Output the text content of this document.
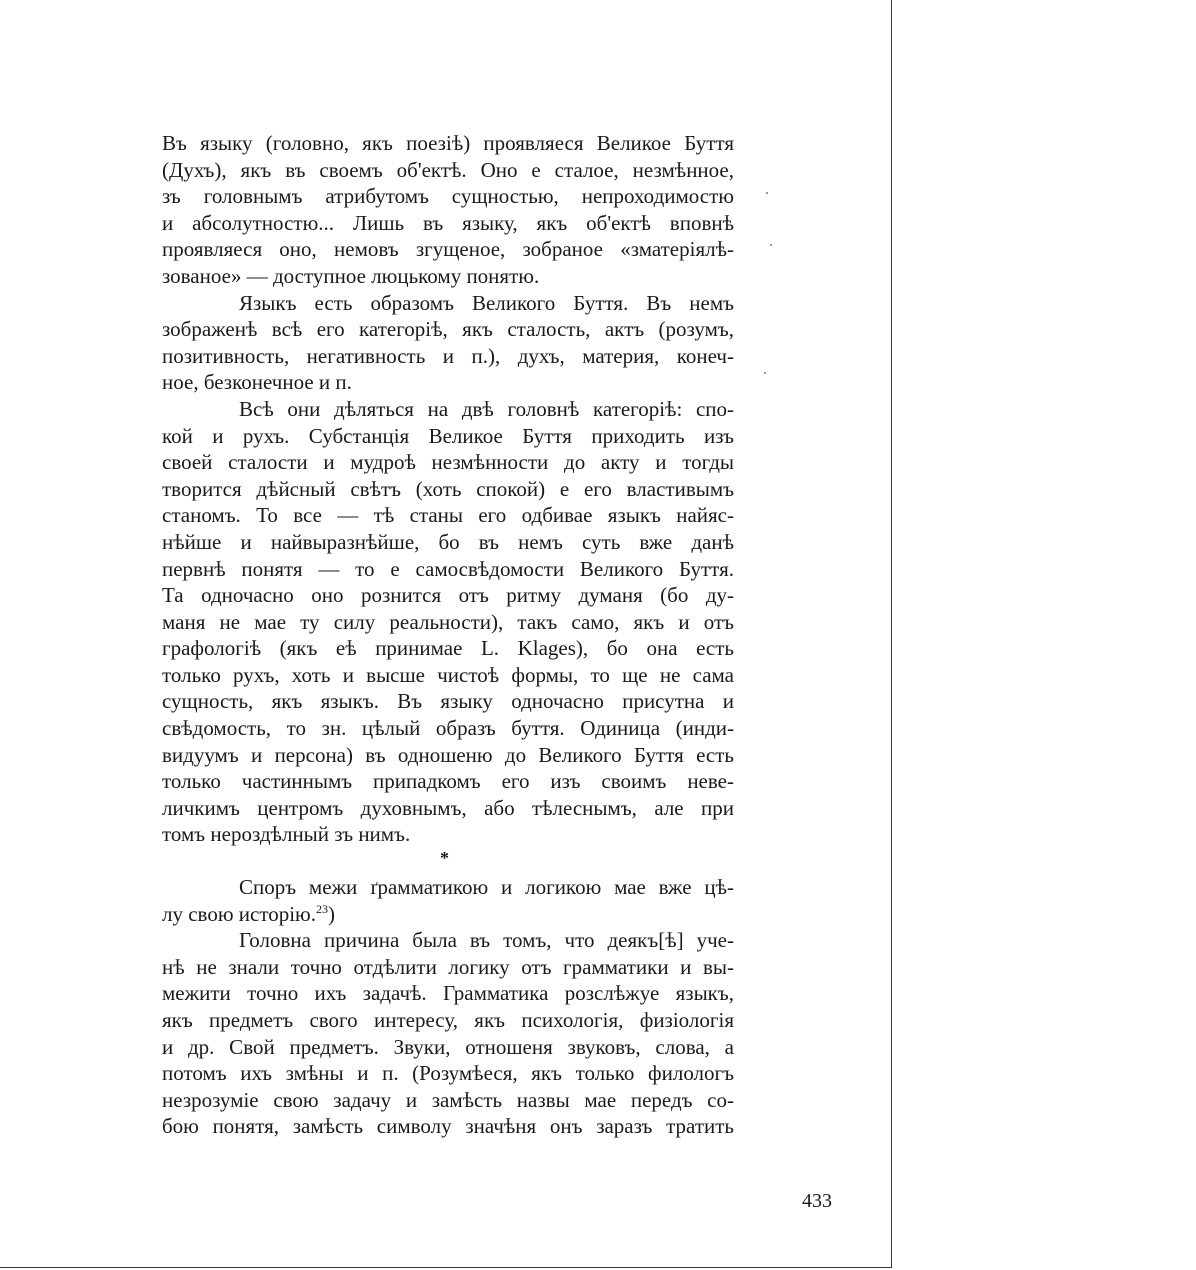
Въ языку (головно, якъ поезiѣ) проявляеся Великое Буття
(Духъ), якъ въ своемъ об'ектѣ. Оно е сталое, незмѣнное,
зъ головнымъ атрибутомъ сущностью, непроходимостю
и абсолутностю... Лишь въ языку, якъ об'ектѣ вповнѣ
проявляеся оно, немовъ згущеное, зобраное «зматерiялѣ-
зованое» — доступное люцькому понятю.
Языкъ есть образомъ Великого Буття. Въ немъ
зображенѣ всѣ его категорiѣ, якъ сталость, актъ (розумъ,
позитивность, негативность и п.), духъ, материя, конеч-
ное, безконечное и п.
Всѣ они дѣляться на двѣ головнѣ категорiѣ: спо-
кой и рухъ. Субстанцiя Великое Буття приходить изъ
своей сталости и мудроѣ незмѣнности до акту и тогды
творится дѣйсный свѣтъ (хоть спокой) е его властивымъ
станомъ. То все — тѣ станы его одбивае языкъ найяс-
нѣйше и найвыразнѣйше, бо въ немъ суть вже данѣ
первнѣ понятя — то е самосвѣдомости Великого Буття.
Та одночасно оно рознится отъ ритму думаня (бо ду-
маня не мае ту силу реальности), такъ само, якъ и отъ
графологiѣ (якъ еѣ принимае L. Klages), бо она есть
только рухъ, хоть и высше чистоѣ формы, то ще не сама
сущность, якъ языкъ. Въ языку одночасно присутна и
свѣдомость, то зн. цѣлый образъ буття. Одиница (инди-
видуумъ и персона) въ одношеню до Великого Буття есть
только частиннымъ припадкомъ его изъ своимъ неве-
личкимъ центромъ духовнымъ, або тѣлеснымъ, але при
томъ нероздѣлный зъ нимъ.
*
Споръ межи ґрамматикою и логикою мае вже цѣ-
лу свою исторiю.$^{23}$)
Головна причина была въ томъ, что деякъ[ѣ] уче-
нѣ не знали точно отдѣлити логику отъ грамматики и вы-
межити точно ихъ задачѣ. Грамматика розслѣжуе языкъ,
якъ предметъ свого интересу, якъ психологiя, физiологiя
и др. Свой предметъ. Звуки, отношеня звуковъ, слова, а
потомъ ихъ змѣны и п. (Розумѣеся, якъ только филологъ
незрозумiе свою задачу и замѣсть назвы мае передъ со-
бою понятя, замѣсть символу значѣня онъ заразъ тратить
433
